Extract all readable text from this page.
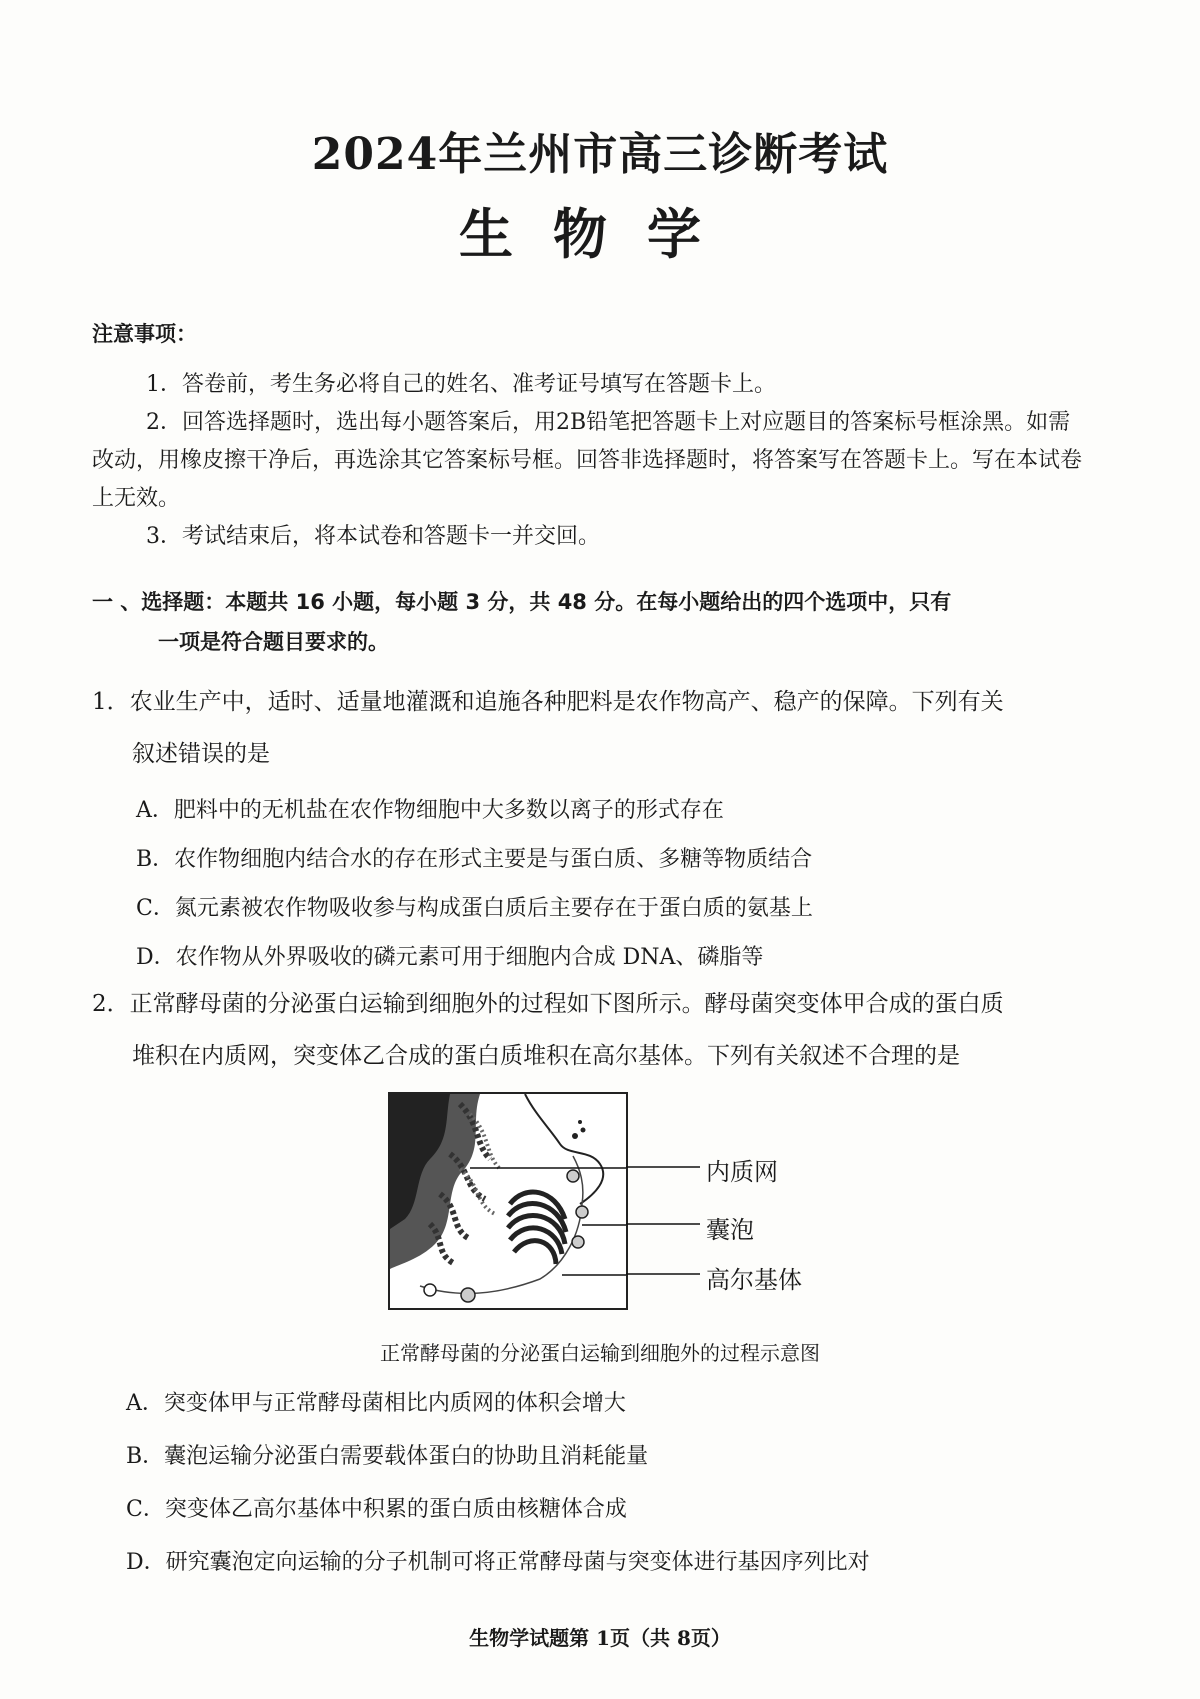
2024年兰州市高三诊断考试
生物学
注意事项：
1．答卷前，考生务必将自己的姓名、准考证号填写在答题卡上。
2．回答选择题时，选出每小题答案后，用2B铅笔把答题卡上对应题目的答案标号框涂黑。如需改动，用橡皮擦干净后，再选涂其它答案标号框。回答非选择题时，将答案写在答题卡上。写在本试卷上无效。
3．考试结束后，将本试卷和答题卡一并交回。
一 、选择题：本题共 16 小题，每小题 3 分，共 48 分。在每小题给出的四个选项中，只有
一项是符合题目要求的。
1．农业生产中，适时、适量地灌溉和追施各种肥料是农作物高产、稳产的保障。下列有关
叙述错误的是
A．肥料中的无机盐在农作物细胞中大多数以离子的形式存在
B．农作物细胞内结合水的存在形式主要是与蛋白质、多糖等物质结合
C．氮元素被农作物吸收参与构成蛋白质后主要存在于蛋白质的氨基上
D．农作物从外界吸收的磷元素可用于细胞内合成 DNA、磷脂等
2．正常酵母菌的分泌蛋白运输到细胞外的过程如下图所示。酵母菌突变体甲合成的蛋白质
堆积在内质网，突变体乙合成的蛋白质堆积在高尔基体。下列有关叙述不合理的是
内质网
囊泡
高尔基体
正常酵母菌的分泌蛋白运输到细胞外的过程示意图
A．突变体甲与正常酵母菌相比内质网的体积会增大
B．囊泡运输分泌蛋白需要载体蛋白的协助且消耗能量
C．突变体乙高尔基体中积累的蛋白质由核糖体合成
D．研究囊泡定向运输的分子机制可将正常酵母菌与突变体进行基因序列比对
生物学试题第 1页（共 8页）
